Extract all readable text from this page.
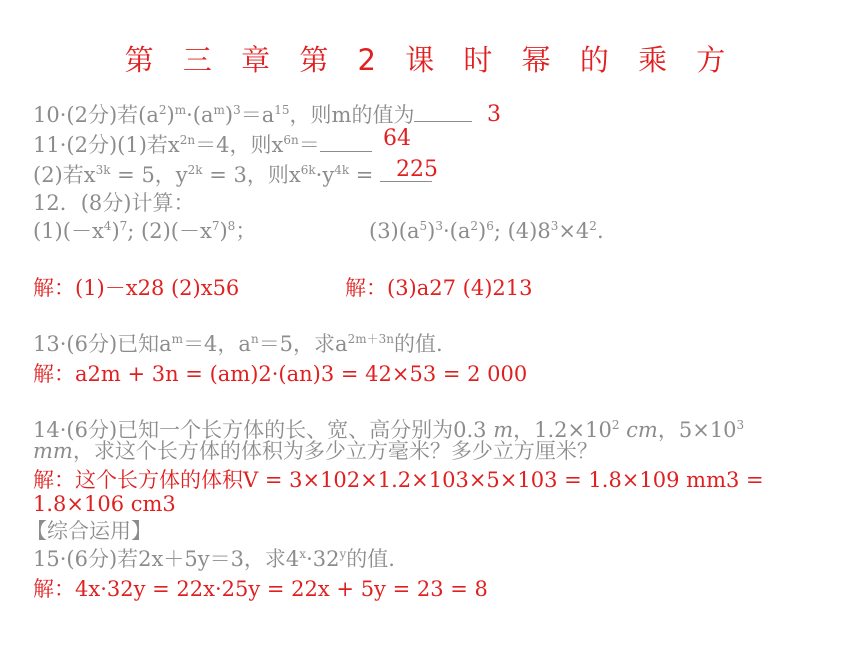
第 三 章 第 2 课 时 幂 的 乘 方
10·(2分)若$(a^2)^m\cdot(a^m)^3=a^{15}$，则m的值为	3
11·(2分)(1)若$x^{2n}=4$，则$x^{6n}=$	64
(2)若$x^{3k} = 5$，$y^{2k} = 3$，则$x^{6k}\cdot y^{4k} = 225$
12．(8分)计算：
$(1)(-x^4)^7$; $(2)(-x^7)^8$；	$(3)(a^5)^3\cdot(a^2)^6$; $(4)8^3\times 4^2$.
解：(1)－x28 (2)x56	解：(3)a27 (4)213
13·(6分)已知$a^m=4$，$a^n=5$，求$a^{2m+3n}$的值.
解：a2m + 3n = (am)2·(an)3 = 42×53 = 2 000
14·(6分)已知一个长方体的长、宽、高分别为0.3 m，$1.2\times 10^2$ cm，$5\times 10^3$
mm，求这个长方体的体积为多少立方毫米？多少立方厘米？
解：这个长方体的体积V = 3×102×1.2×103×5×103 = 1.8×109 mm3 =
1.8×106 cm3
【综合运用】
15·(6分)若2x＋5y＝3，求$4^x\cdot 32^y$的值.
解：4x·32y = 22x·25y = 22x + 5y = 23 = 8
